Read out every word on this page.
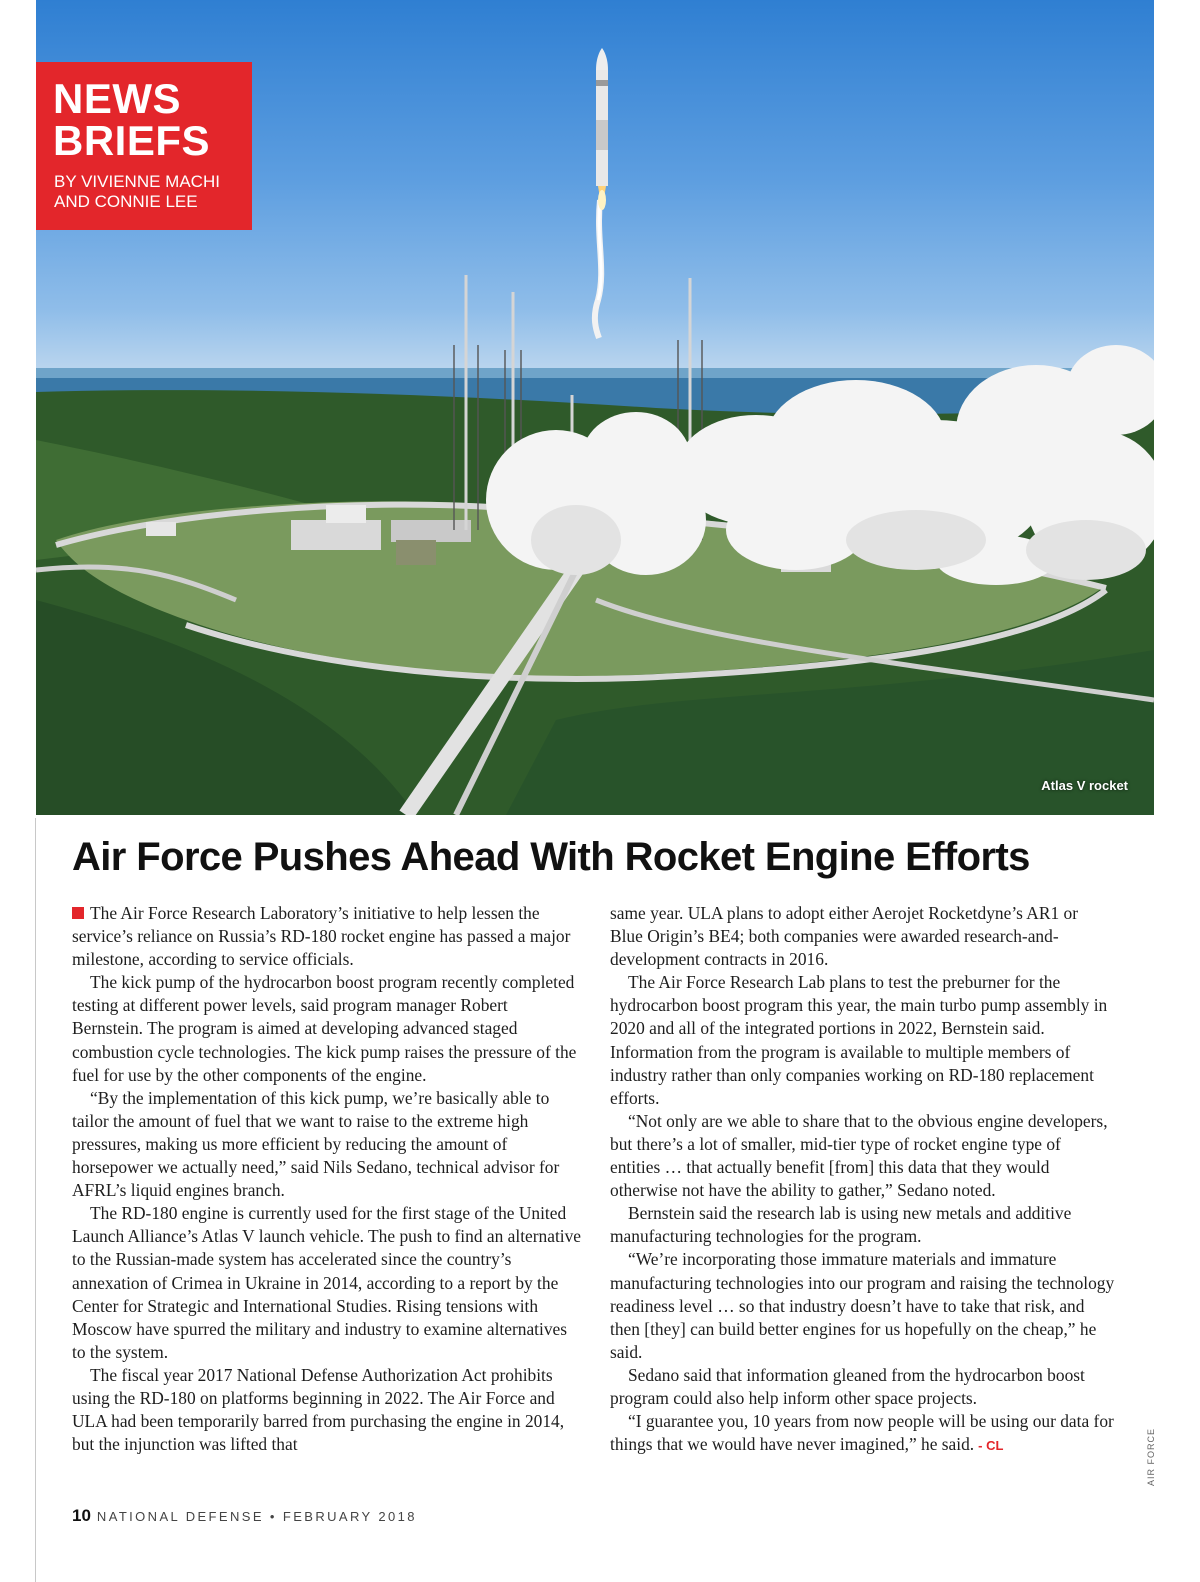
Atlas V rocket
NEWS
BRIEFS
BY VIVIENNE MACHI
AND CONNIE LEE
Air Force Pushes Ahead With Rocket Engine Efforts

The Air Force Research Laboratory’s initiative to help lessen the service’s reliance on Russia’s RD-180 rocket engine has passed a major milestone, according to service officials.

The kick pump of the hydrocarbon boost program recently completed testing at different power levels, said program manager Robert Bernstein. The program is aimed at developing advanced staged combustion cycle technologies. The kick pump raises the pressure of the fuel for use by the other components of the engine.

“By the implementation of this kick pump, we’re basically able to tailor the amount of fuel that we want to raise to the extreme high pressures, making us more efficient by reducing the amount of horsepower we actually need,” said Nils Sedano, technical advisor for AFRL’s liquid engines branch.

The RD-180 engine is currently used for the first stage of the United Launch Alliance’s Atlas V launch vehicle. The push to find an alternative to the Russian-made system has accelerated since the country’s annexation of Crimea in Ukraine in 2014, according to a report by the Center for Strategic and International Studies. Rising tensions with Moscow have spurred the military and industry to examine alternatives to the system.

The fiscal year 2017 National Defense Authorization Act prohibits using the RD-180 on platforms beginning in 2022. The Air Force and ULA had been temporarily barred from purchasing the engine in 2014, but the injunction was lifted that

same year. ULA plans to adopt either Aerojet Rocketdyne’s AR1 or Blue Origin’s BE4; both companies were awarded research-and-development contracts in 2016.

The Air Force Research Lab plans to test the preburner for the hydrocarbon boost program this year, the main turbo pump assembly in 2020 and all of the integrated portions in 2022, Bernstein said. Information from the program is available to multiple members of industry rather than only companies working on RD-180 replacement efforts.

“Not only are we able to share that to the obvious engine developers, but there’s a lot of smaller, mid-tier type of rocket engine type of entities … that actually benefit [from] this data that they would otherwise not have the ability to gather,” Sedano noted.

Bernstein said the research lab is using new metals and additive manufacturing technologies for the program.

“We’re incorporating those immature materials and immature manufacturing technologies into our program and raising the technology readiness level … so that industry doesn’t have to take that risk, and then [they] can build better engines for us hopefully on the cheap,” he said.

Sedano said that information gleaned from the hydrocarbon boost program could also help inform other space projects.

“I guarantee you, 10 years from now people will be using our data for things that we would have never imagined,” he said. - CL	AIR FORCE
10 NATIONAL DEFENSE • FEBRUARY 2018
